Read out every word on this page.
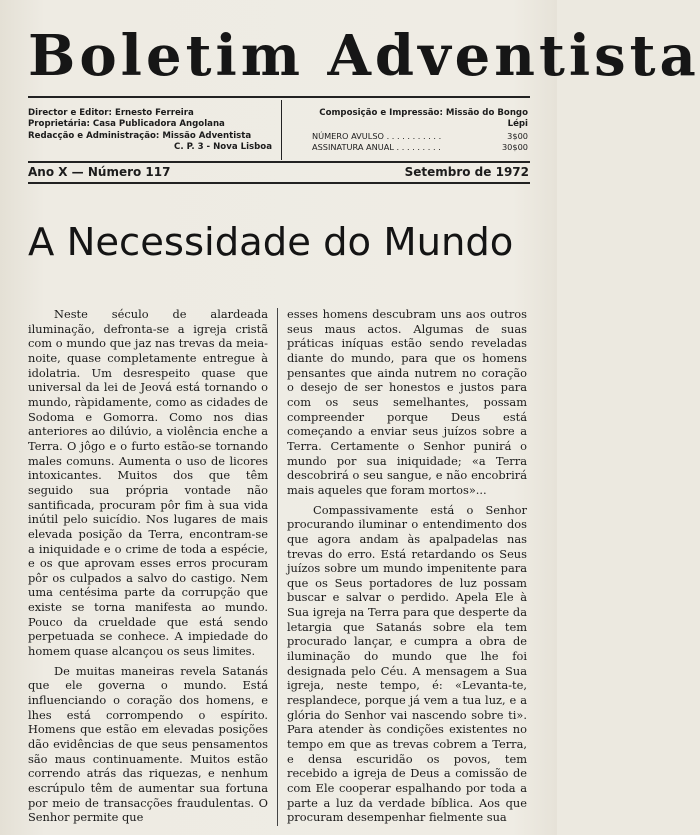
Boletim Adventista
Director e Editor: Ernesto Ferreira
Proprietária: Casa Publicadora Angolana
Redacção e Administração: Missão Adventista
C. P. 3 - Nova Lisboa
Composição e Impressão: Missão do Bongo
Lépi
NÚMERO AVULSO . . . . . . . . . . .	3$00
ASSINATURA ANUAL . . . . . . . . .	30$00
Ano X — Número 117	Setembro de 1972
A Necessidade do Mundo

Neste século de alardeada iluminação, defronta-se a igreja cristã com o mundo que jaz nas trevas da meia-noite, quase completamente entregue à idolatria. Um desrespeito quase que universal da lei de Jeová está tornando o mundo, ràpidamente, como as cidades de Sodoma e Gomorra. Como nos dias anteriores ao dilúvio, a violência enche a Terra. O jôgo e o furto estão-se tornando males comuns. Aumenta o uso de licores intoxicantes. Muitos dos que têm seguido sua própria vontade não santificada, procuram pôr fim à sua vida inútil pelo suicídio. Nos lugares de mais elevada posição da Terra, encontram-se a iniquidade e o crime de toda a espécie, e os que aprovam esses erros procuram pôr os culpados a salvo do castigo. Nem uma centésima parte da corrupção que existe se torna manifesta ao mundo. Pouco da crueldade que está sendo perpetuada se conhece. A impiedade do homem quase alcançou os seus limites.

De muitas maneiras revela Satanás que ele governa o mundo. Está influenciando o coração dos homens, e lhes está corrompendo o espírito. Homens que estão em elevadas posições dão evidências de que seus pensamentos são maus continuamente. Muitos estão correndo atrás das riquezas, e nenhum escrúpulo têm de aumentar sua fortuna por meio de transacções fraudulentas. O Senhor permite que

esses homens descubram uns aos outros seus maus actos. Algumas de suas práticas iníquas estão sendo reveladas diante do mundo, para que os homens pensantes que ainda nutrem no coração o desejo de ser honestos e justos para com os seus semelhantes, possam compreender porque Deus está começando a enviar seus juízos sobre a Terra. Certamente o Senhor punirá o mundo por sua iniquidade; «a Terra descobrirá o seu sangue, e não encobrirá mais aqueles que foram mortos»...

Compassivamente está o Senhor procurando iluminar o entendimento dos que agora andam às apalpadelas nas trevas do erro. Está retardando os Seus juízos sobre um mundo impenitente para que os Seus portadores de luz possam buscar e salvar o perdido. Apela Ele à Sua igreja na Terra para que desperte da letargia que Satanás sobre ela tem procurado lançar, e cumpra a obra de iluminação do mundo que lhe foi designada pelo Céu. A mensagem a Sua igreja, neste tempo, é: «Levanta-te, resplandece, porque já vem a tua luz, e a glória do Senhor vai nascendo sobre ti». Para atender às condições existentes no tempo em que as trevas cobrem a Terra, e densa escuridão os povos, tem recebido a igreja de Deus a comissão de com Ele cooperar espalhando por toda a parte a luz da verdade bíblica. Aos que procuram desempenhar fielmente sua
